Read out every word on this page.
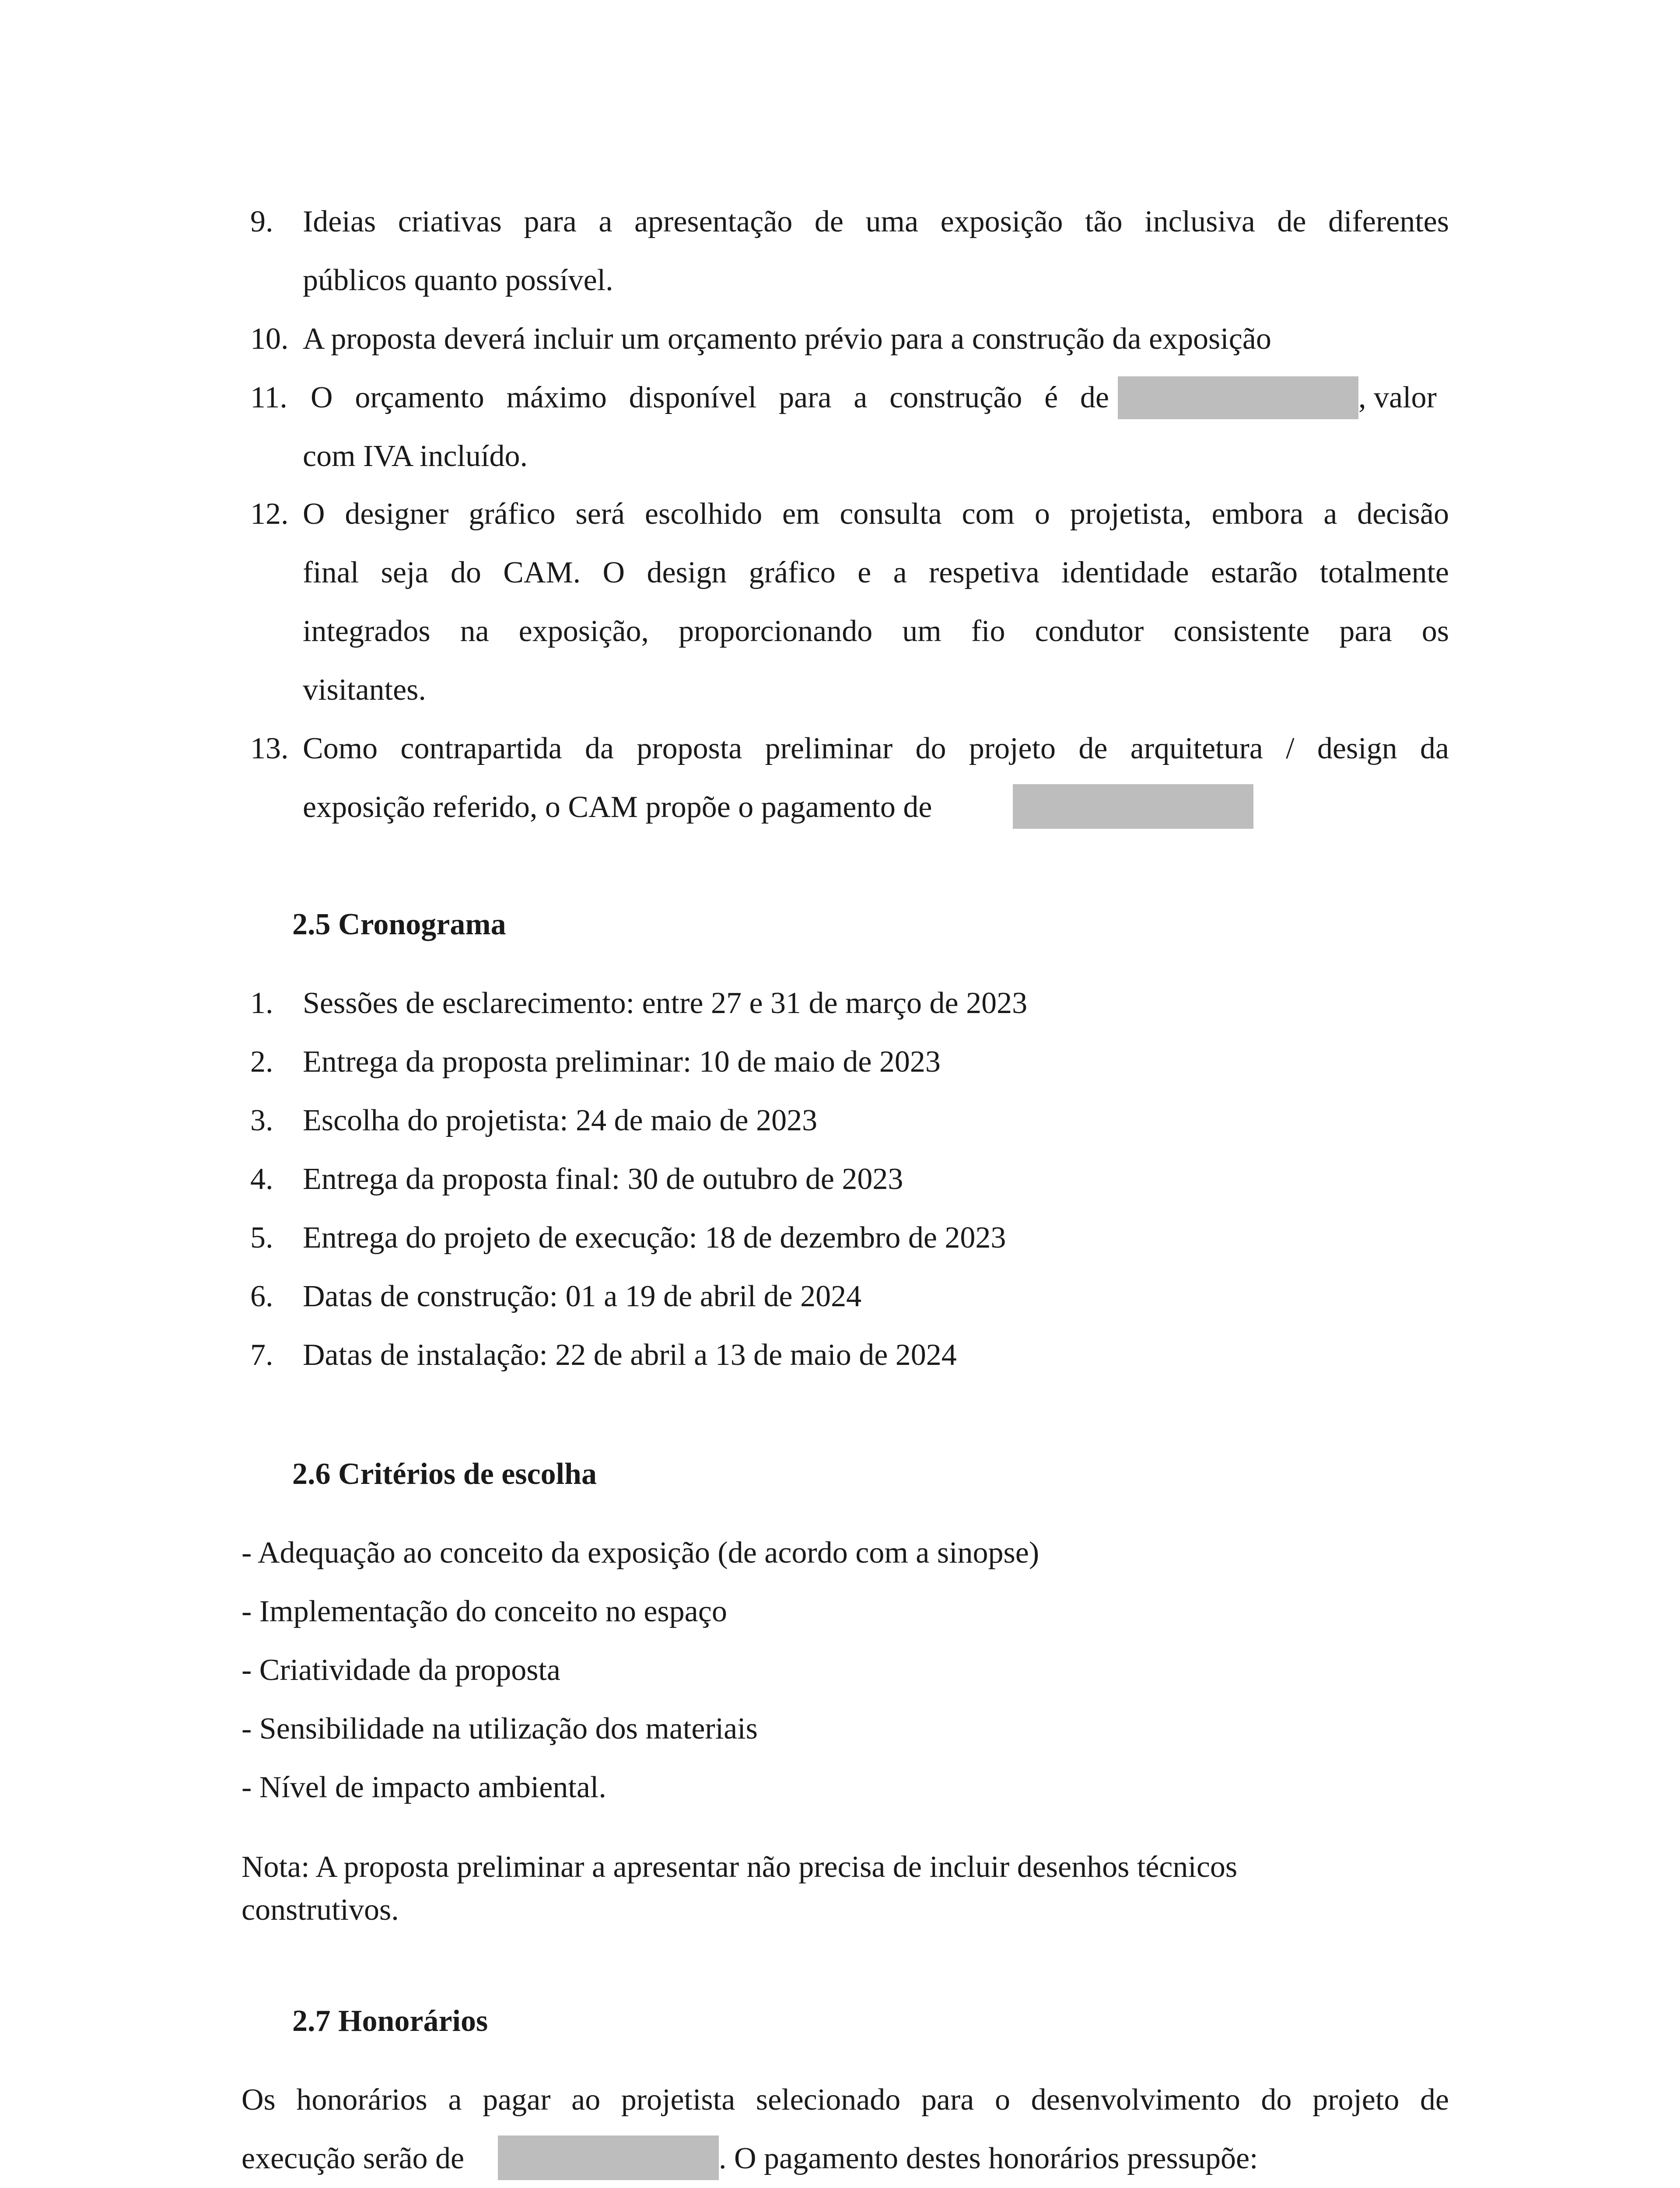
9. Ideias criativas para a apresentação de uma exposição tão inclusiva de diferentes
públicos quanto possível.
10. A proposta deverá incluir um orçamento prévio para a construção da exposição
11. O orçamento máximo disponível para a construção é de	, valor
com IVA incluído.
12. O designer gráfico será escolhido em consulta com o projetista, embora a decisão
final seja do CAM. O design gráfico e a respetiva identidade estarão totalmente
integrados na exposição, proporcionando um fio condutor consistente para os
visitantes.
13. Como contrapartida da proposta preliminar do projeto de arquitetura / design da
exposição referido, o CAM propõe o pagamento de
2.5 Cronograma
1. Sessões de esclarecimento: entre 27 e 31 de março de 2023
2. Entrega da proposta preliminar: 10 de maio de 2023
3. Escolha do projetista: 24 de maio de 2023
4. Entrega da proposta final: 30 de outubro de 2023
5. Entrega do projeto de execução: 18 de dezembro de 2023
6. Datas de construção: 01 a 19 de abril de 2024
7. Datas de instalação: 22 de abril a 13 de maio de 2024
2.6 Critérios de escolha
- Adequação ao conceito da exposição (de acordo com a sinopse)
- Implementação do conceito no espaço
- Criatividade da proposta
- Sensibilidade na utilização dos materiais
- Nível de impacto ambiental.
Nota: A proposta preliminar a apresentar não precisa de incluir desenhos técnicos
construtivos.
2.7 Honorários
Os honorários a pagar ao projetista selecionado para o desenvolvimento do projeto de
execução serão de	. O pagamento destes honorários pressupõe:
